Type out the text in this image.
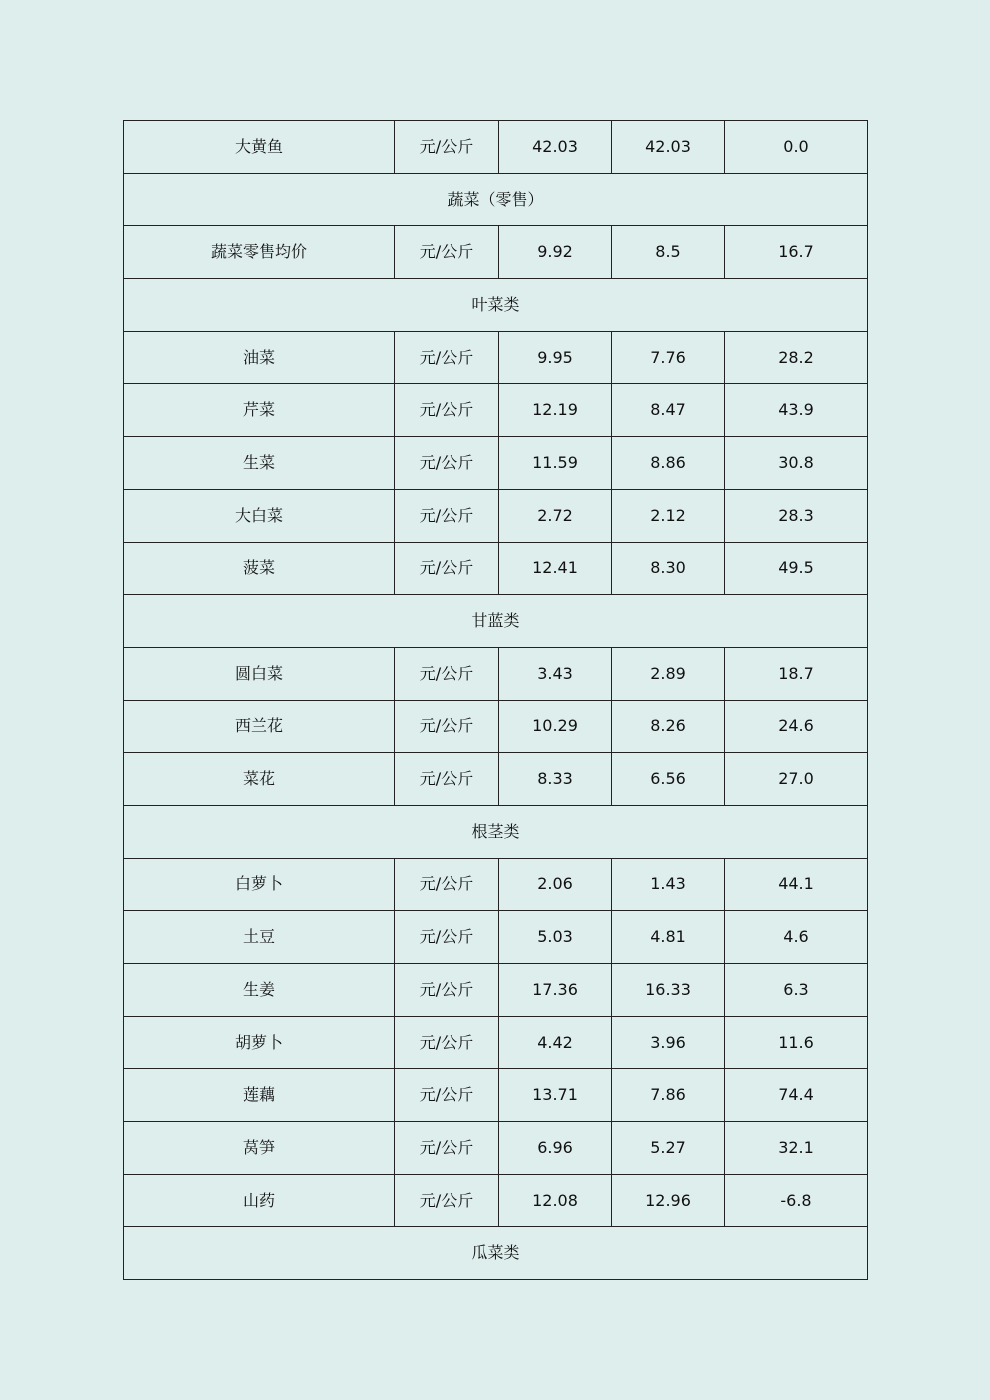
大黄鱼	元/公斤	42.03	42.03	0.0
蔬菜（零售）				
蔬菜零售均价	元/公斤	9.92	8.5	16.7
叶菜类				
油菜	元/公斤	9.95	7.76	28.2
芹菜	元/公斤	12.19	8.47	43.9
生菜	元/公斤	11.59	8.86	30.8
大白菜	元/公斤	2.72	2.12	28.3
菠菜	元/公斤	12.41	8.30	49.5
甘蓝类				
圆白菜	元/公斤	3.43	2.89	18.7
西兰花	元/公斤	10.29	8.26	24.6
菜花	元/公斤	8.33	6.56	27.0
根茎类				
白萝卜	元/公斤	2.06	1.43	44.1
土豆	元/公斤	5.03	4.81	4.6
生姜	元/公斤	17.36	16.33	6.3
胡萝卜	元/公斤	4.42	3.96	11.6
莲藕	元/公斤	13.71	7.86	74.4
莴笋	元/公斤	6.96	5.27	32.1
山药	元/公斤	12.08	12.96	-6.8
瓜菜类				
